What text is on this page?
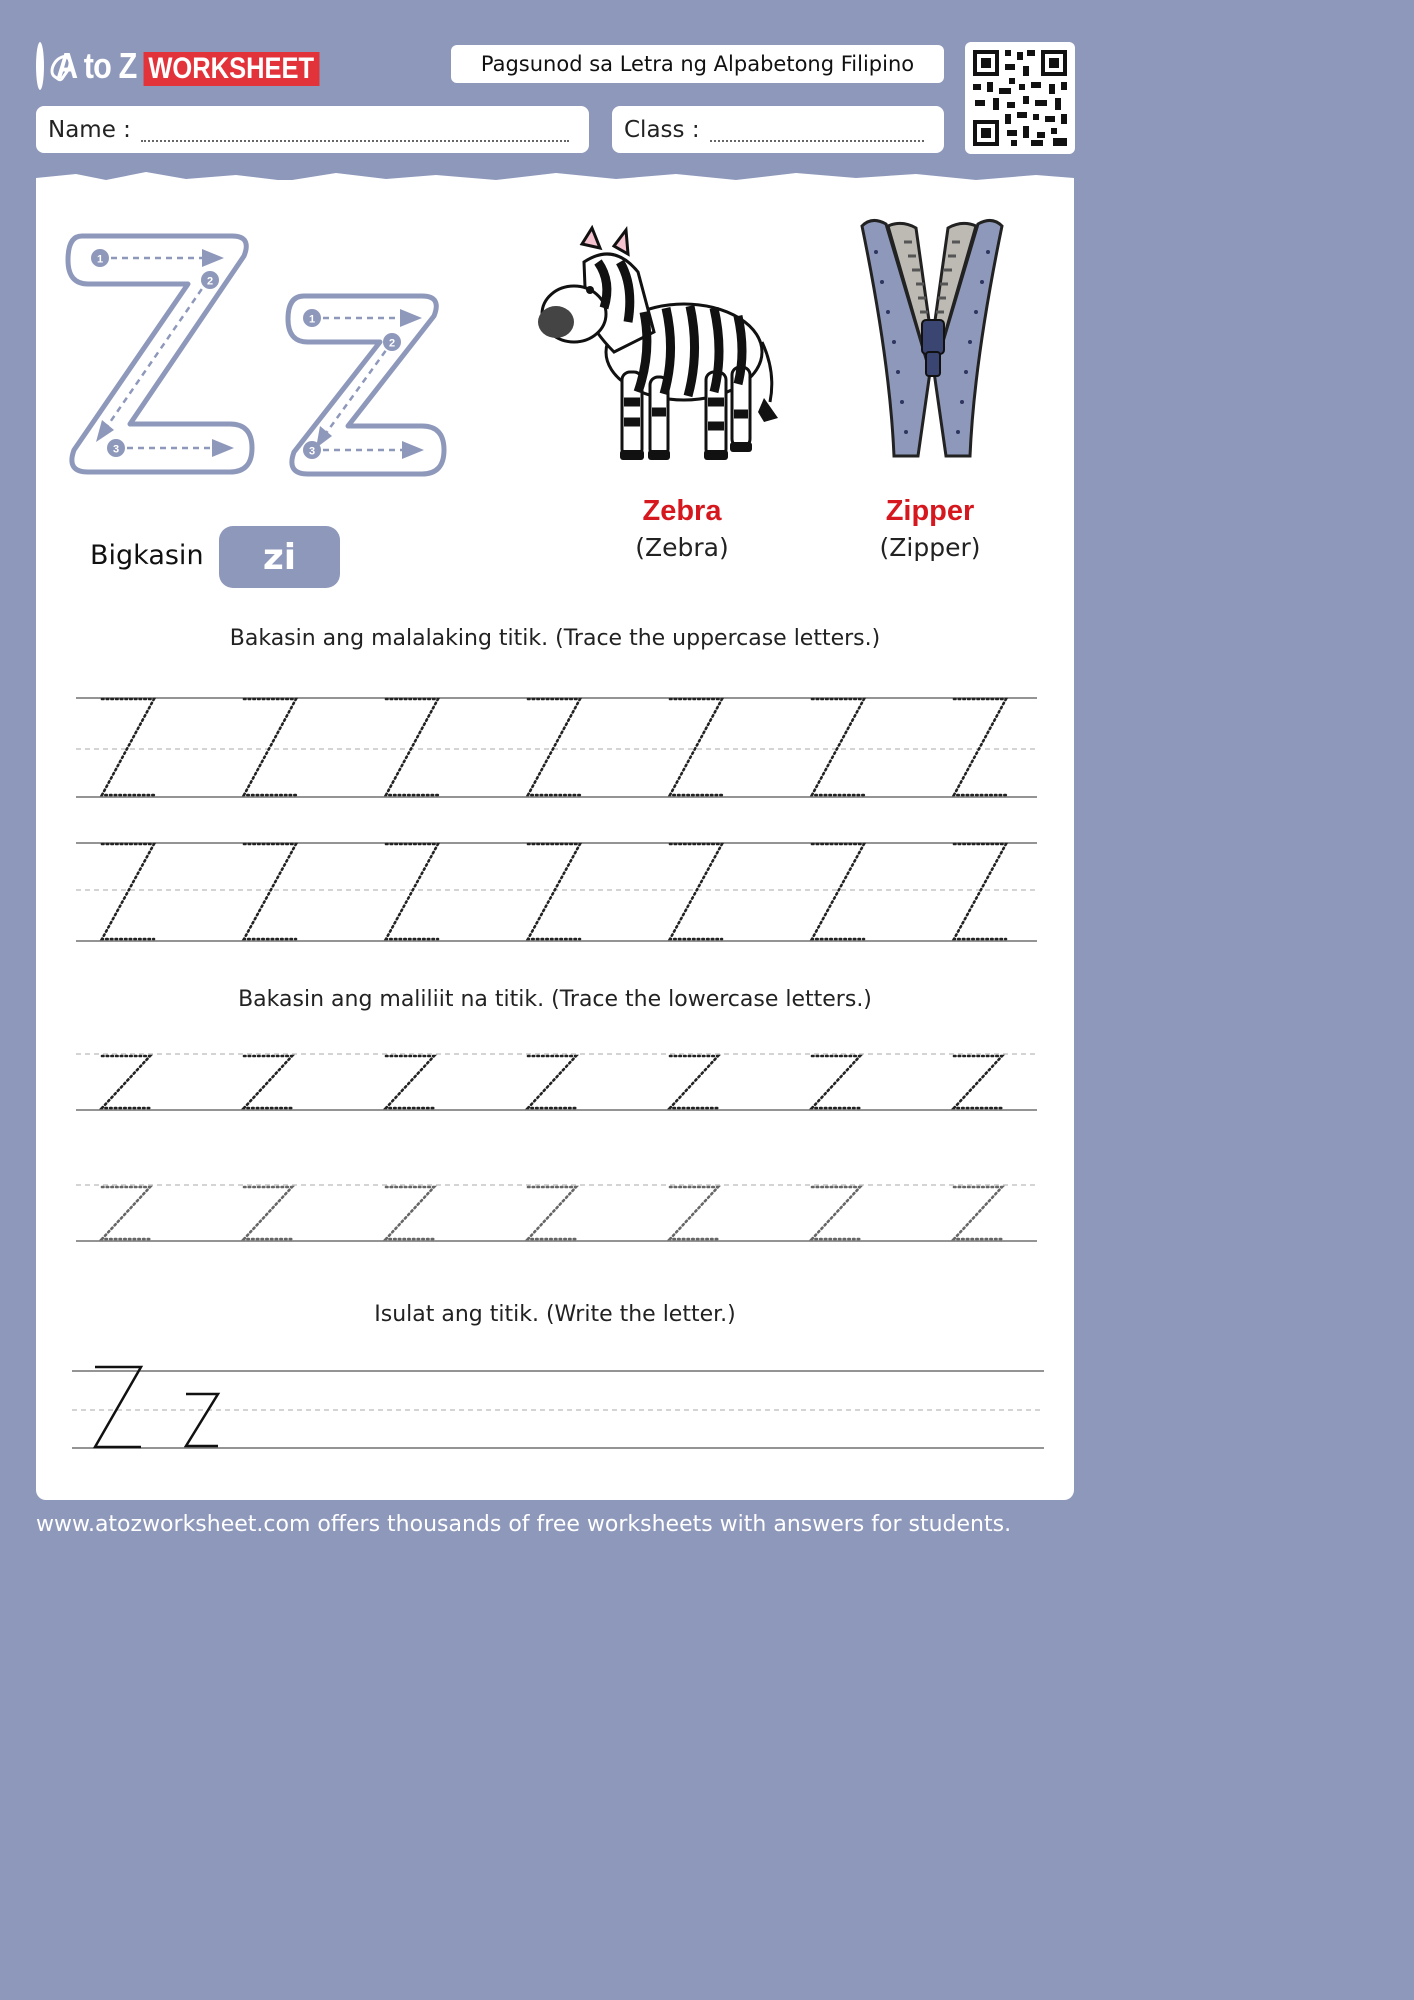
A to Z WORKSHEET	Pagsunod sa Letra ng Alpabetong Filipino
Name :	Class :
1
2
3
1
2
3
Zebra
(Zebra)
Zipper
(Zipper)
Bigkasin	zi
Bakasin ang malalaking titik. (Trace the uppercase letters.)
Bakasin ang maliliit na titik. (Trace the lowercase letters.)
Isulat ang titik. (Write the letter.)
www.atozworksheet.com offers thousands of free worksheets with answers for students.
